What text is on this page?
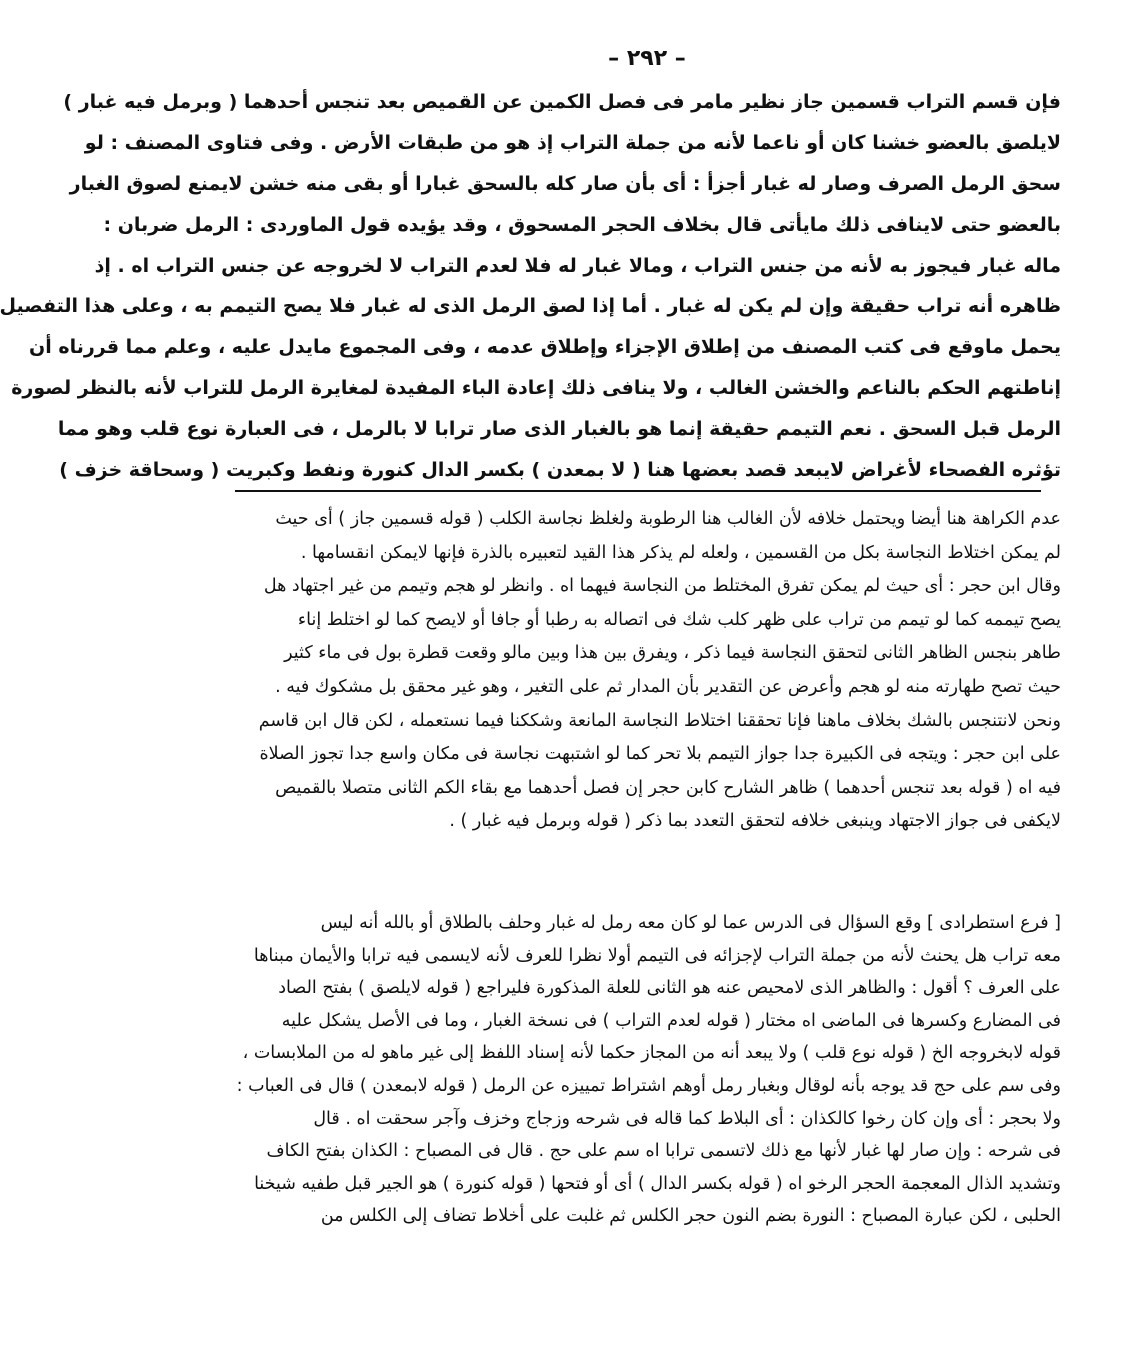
– ٢٩٢ –
فإن قسم التراب قسمين جاز نظير مامر فى فصل الكمين عن القميص بعد تنجس أحدهما ( وبرمل فيه غبار )
لايلصق بالعضو خشنا كان أو ناعما لأنه من جملة التراب إذ هو من طبقات الأرض . وفى فتاوى المصنف : لو
سحق الرمل الصرف وصار له غبار أجزأ : أى بأن صار كله بالسحق غبارا أو بقى منه خشن لايمنع لصوق الغبار
بالعضو حتى لاينافى ذلك مايأتى قال بخلاف الحجر المسحوق ، وقد يؤيده قول الماوردى : الرمل ضربان :
ماله غبار فيجوز به لأنه من جنس التراب ، ومالا غبار له فلا لعدم التراب لا لخروجه عن جنس التراب اه . إذ
ظاهره أنه تراب حقيقة وإن لم يكن له غبار . أما إذا لصق الرمل الذى له غبار فلا يصح التيمم به ، وعلى هذا التفصيل
يحمل ماوقع فى كتب المصنف من إطلاق الإجزاء وإطلاق عدمه ، وفى المجموع مايدل عليه ، وعلم مما قررناه أن
إناطتهم الحكم بالناعم والخشن الغالب ، ولا ينافى ذلك إعادة الباء المفيدة لمغايرة الرمل للتراب لأنه بالنظر لصورة
الرمل قبل السحق . نعم التيمم حقيقة إنما هو بالغبار الذى صار ترابا لا بالرمل ، فى العبارة نوع قلب وهو مما
تؤثره الفصحاء لأغراض لايبعد قصد بعضها هنا ( لا بمعدن ) بكسر الدال كنورة ونفط وكبريت ( وسحاقة خزف )
عدم الكراهة هنا أيضا ويحتمل خلافه لأن الغالب هنا الرطوبة ولغلظ نجاسة الكلب ( قوله قسمين جاز ) أى حيث
لم يمكن اختلاط النجاسة بكل من القسمين ، ولعله لم يذكر هذا القيد لتعبيره بالذرة فإنها لايمكن انقسامها .
وقال ابن حجر : أى حيث لم يمكن تفرق المختلط من النجاسة فيهما اه . وانظر لو هجم وتيمم من غير اجتهاد هل
يصح تيممه كما لو تيمم من تراب على ظهر كلب شك فى اتصاله به رطبا أو جافا أو لايصح كما لو اختلط إناء
طاهر بنجس الظاهر الثانى لتحقق النجاسة فيما ذكر ، ويفرق بين هذا وبين مالو وقعت قطرة بول فى ماء كثير
حيث تصح طهارته منه لو هجم وأعرض عن التقدير بأن المدار ثم على التغير ، وهو غير محقق بل مشكوك فيه .
ونحن لانتنجس بالشك بخلاف ماهنا فإنا تحققنا اختلاط النجاسة المانعة وشككنا فيما نستعمله ، لكن قال ابن قاسم
على ابن حجر : ويتجه فى الكبيرة جدا جواز التيمم بلا تحر كما لو اشتبهت نجاسة فى مكان واسع جدا تجوز الصلاة
فيه اه ( قوله بعد تنجس أحدهما ) ظاهر الشارح كابن حجر إن فصل أحدهما مع بقاء الكم الثانى متصلا بالقميص
لايكفى فى جواز الاجتهاد وينبغى خلافه لتحقق التعدد بما ذكر ( قوله وبرمل فيه غبار ) .
[ فرع استطرادى ] وقع السؤال فى الدرس عما لو كان معه رمل له غبار وحلف بالطلاق أو بالله أنه ليس
معه تراب هل يحنث لأنه من جملة التراب لإجزائه فى التيمم أولا نظرا للعرف لأنه لايسمى فيه ترابا والأيمان مبناها
على العرف ؟ أقول : والظاهر الذى لامحيص عنه هو الثانى للعلة المذكورة فليراجع ( قوله لايلصق ) بفتح الصاد
فى المضارع وكسرها فى الماضى اه مختار ( قوله لعدم التراب ) فى نسخة الغبار ، وما فى الأصل يشكل عليه
قوله لابخروجه الخ ( قوله نوع قلب ) ولا يبعد أنه من المجاز حكما لأنه إسناد اللفظ إلى غير ماهو له من الملابسات ،
وفى سم على حج قد يوجه بأنه لوقال وبغبار رمل أوهم اشتراط تمييزه عن الرمل ( قوله لابمعدن ) قال فى العباب :
ولا بحجر : أى وإن كان رخوا كالكذان : أى البلاط كما قاله فى شرحه وزجاج وخزف وآجر سحقت اه . قال
فى شرحه : وإن صار لها غبار لأنها مع ذلك لاتسمى ترابا اه سم على حج . قال فى المصباح : الكذان بفتح الكاف
وتشديد الذال المعجمة الحجر الرخو اه ( قوله بكسر الدال ) أى أو فتحها ( قوله كنورة ) هو الجير قبل طفيه شيخنا
الحلبى ، لكن عبارة المصباح : النورة بضم النون حجر الكلس ثم غلبت على أخلاط تضاف إلى الكلس من
